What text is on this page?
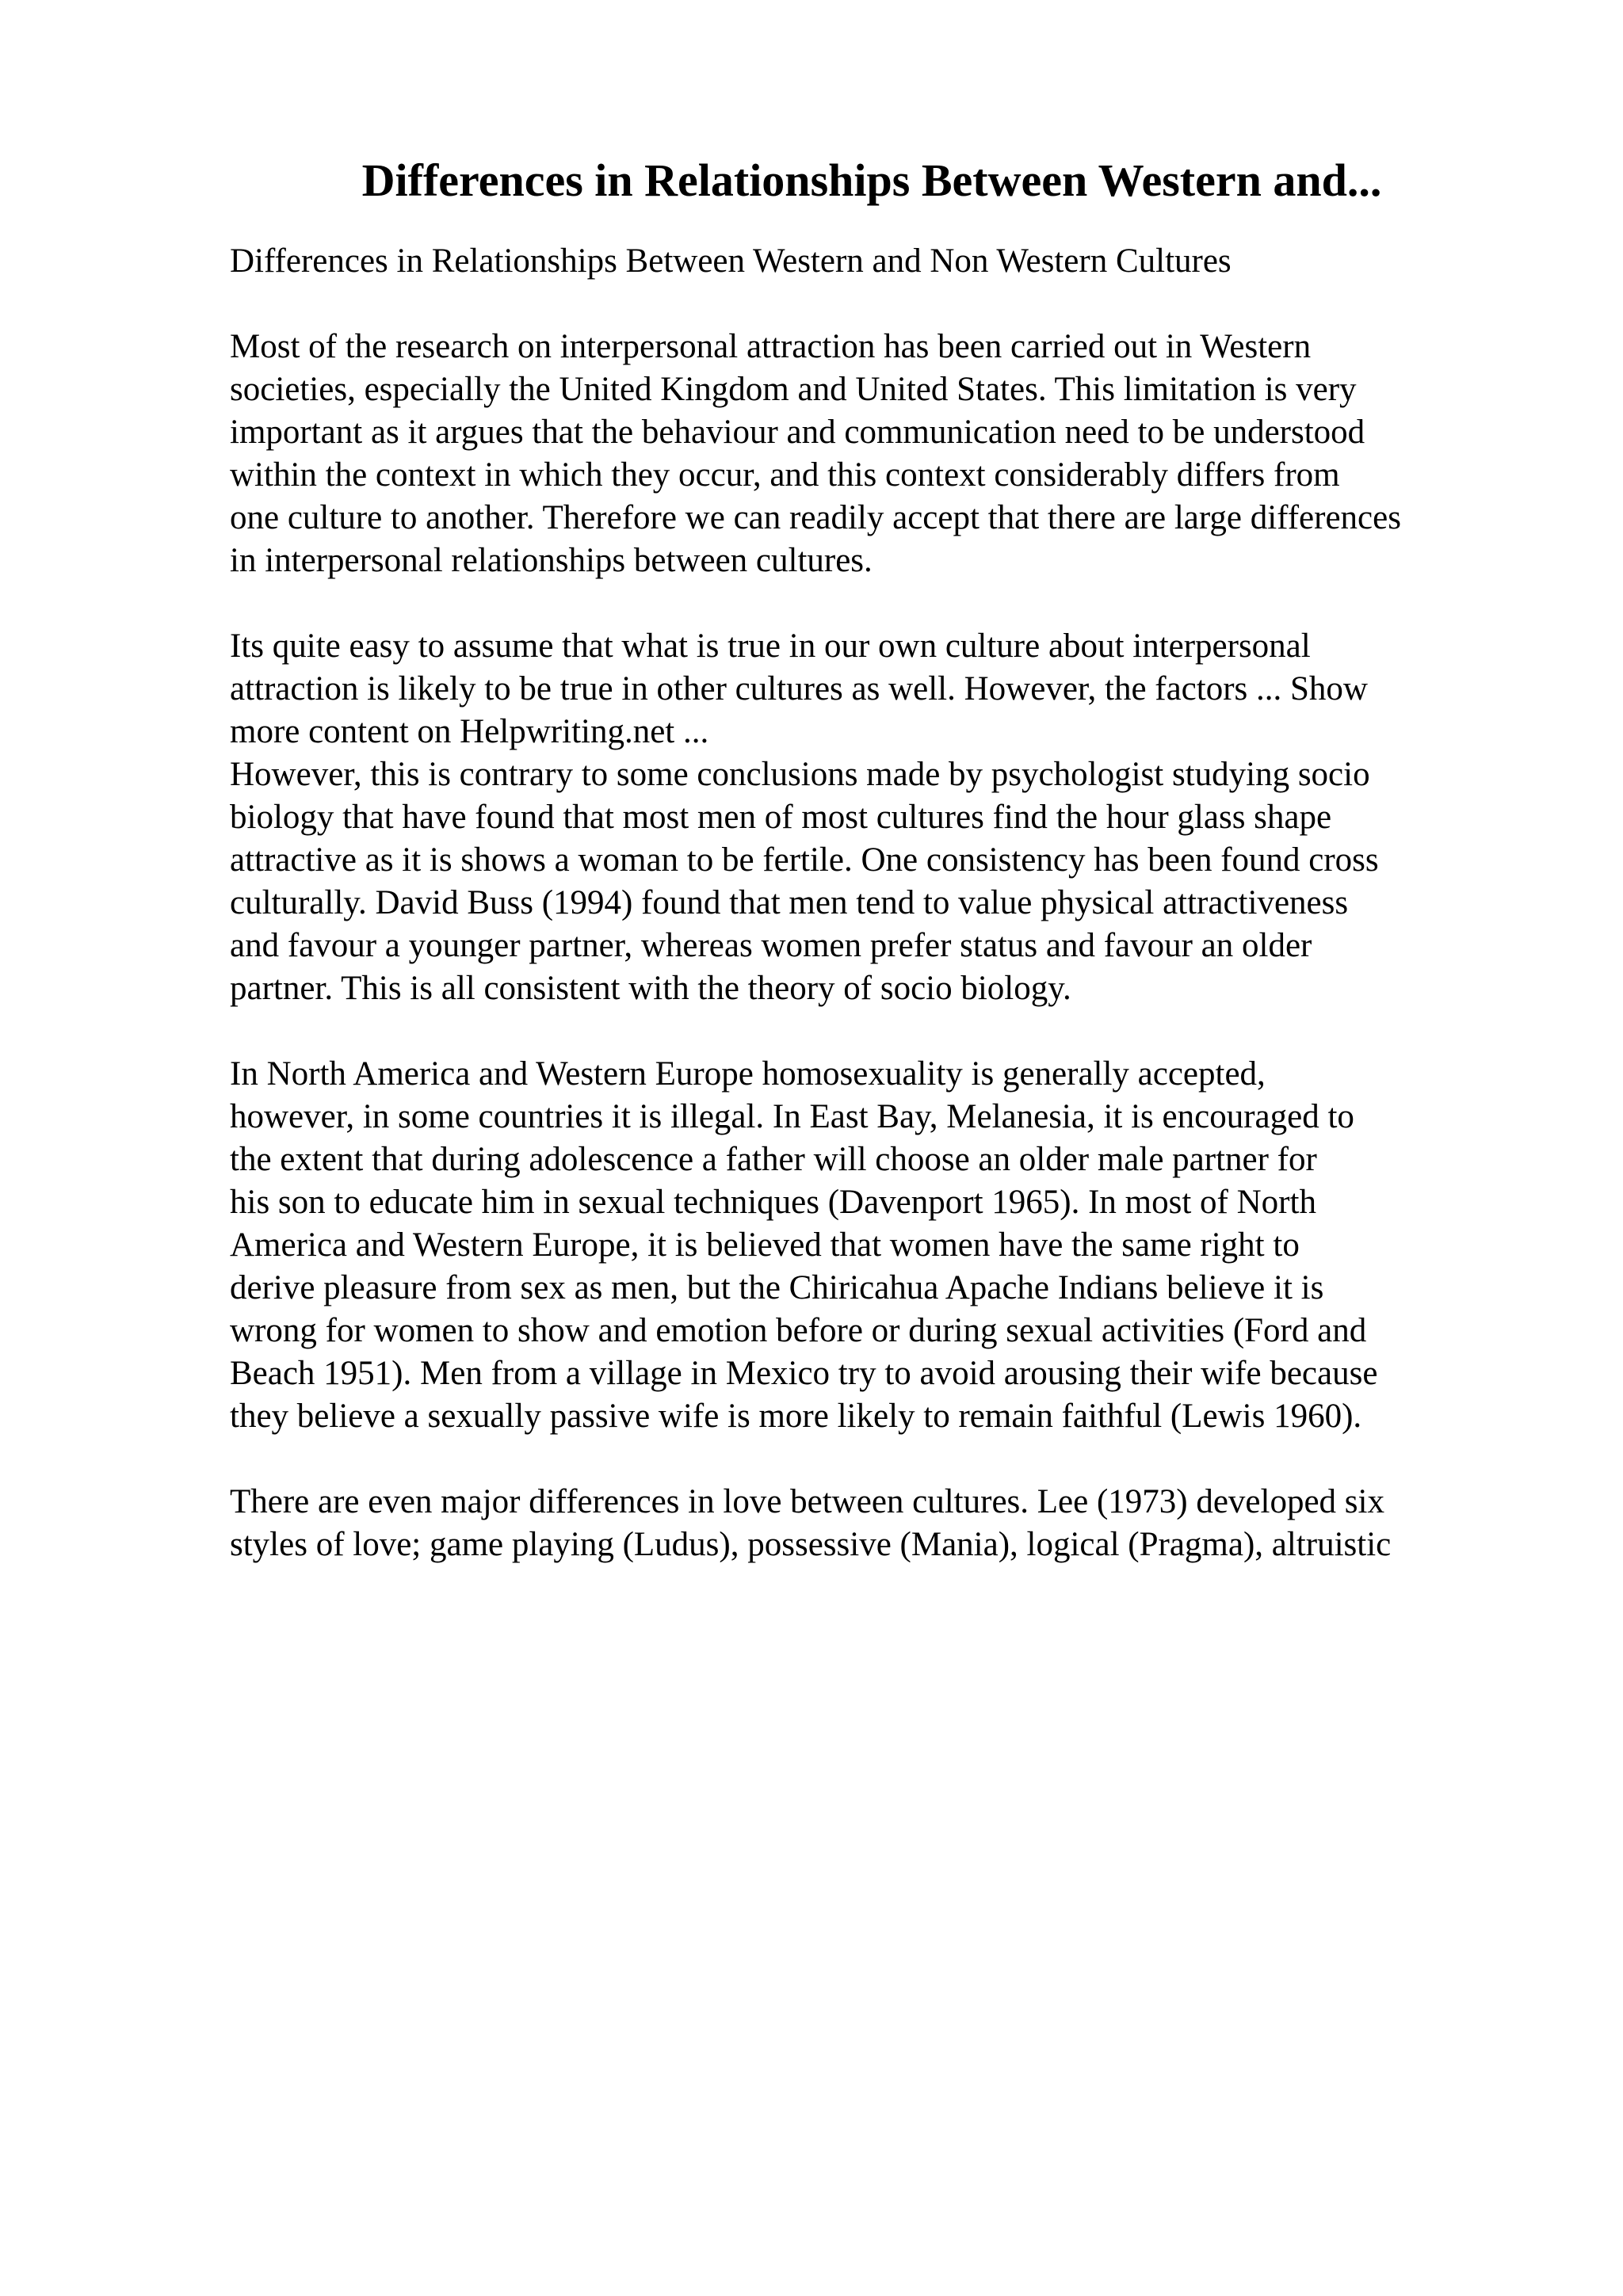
Differences in Relationships Between Western and...
Differences in Relationships Between Western and Non Western Cultures
Most of the research on interpersonal attraction has been carried out in Western
societies, especially the United Kingdom and United States. This limitation is very
important as it argues that the behaviour and communication need to be understood
within the context in which they occur, and this context considerably differs from
one culture to another. Therefore we can readily accept that there are large differences
in interpersonal relationships between cultures.
Its quite easy to assume that what is true in our own culture about interpersonal
attraction is likely to be true in other cultures as well. However, the factors ... Show
more content on Helpwriting.net ...
However, this is contrary to some conclusions made by psychologist studying socio
biology that have found that most men of most cultures find the hour glass shape
attractive as it is shows a woman to be fertile. One consistency has been found cross
culturally. David Buss (1994) found that men tend to value physical attractiveness
and favour a younger partner, whereas women prefer status and favour an older
partner. This is all consistent with the theory of socio biology.
In North America and Western Europe homosexuality is generally accepted,
however, in some countries it is illegal. In East Bay, Melanesia, it is encouraged to
the extent that during adolescence a father will choose an older male partner for
his son to educate him in sexual techniques (Davenport 1965). In most of North
America and Western Europe, it is believed that women have the same right to
derive pleasure from sex as men, but the Chiricahua Apache Indians believe it is
wrong for women to show and emotion before or during sexual activities (Ford and
Beach 1951). Men from a village in Mexico try to avoid arousing their wife because
they believe a sexually passive wife is more likely to remain faithful (Lewis 1960).
There are even major differences in love between cultures. Lee (1973) developed six
styles of love; game playing (Ludus), possessive (Mania), logical (Pragma), altruistic
